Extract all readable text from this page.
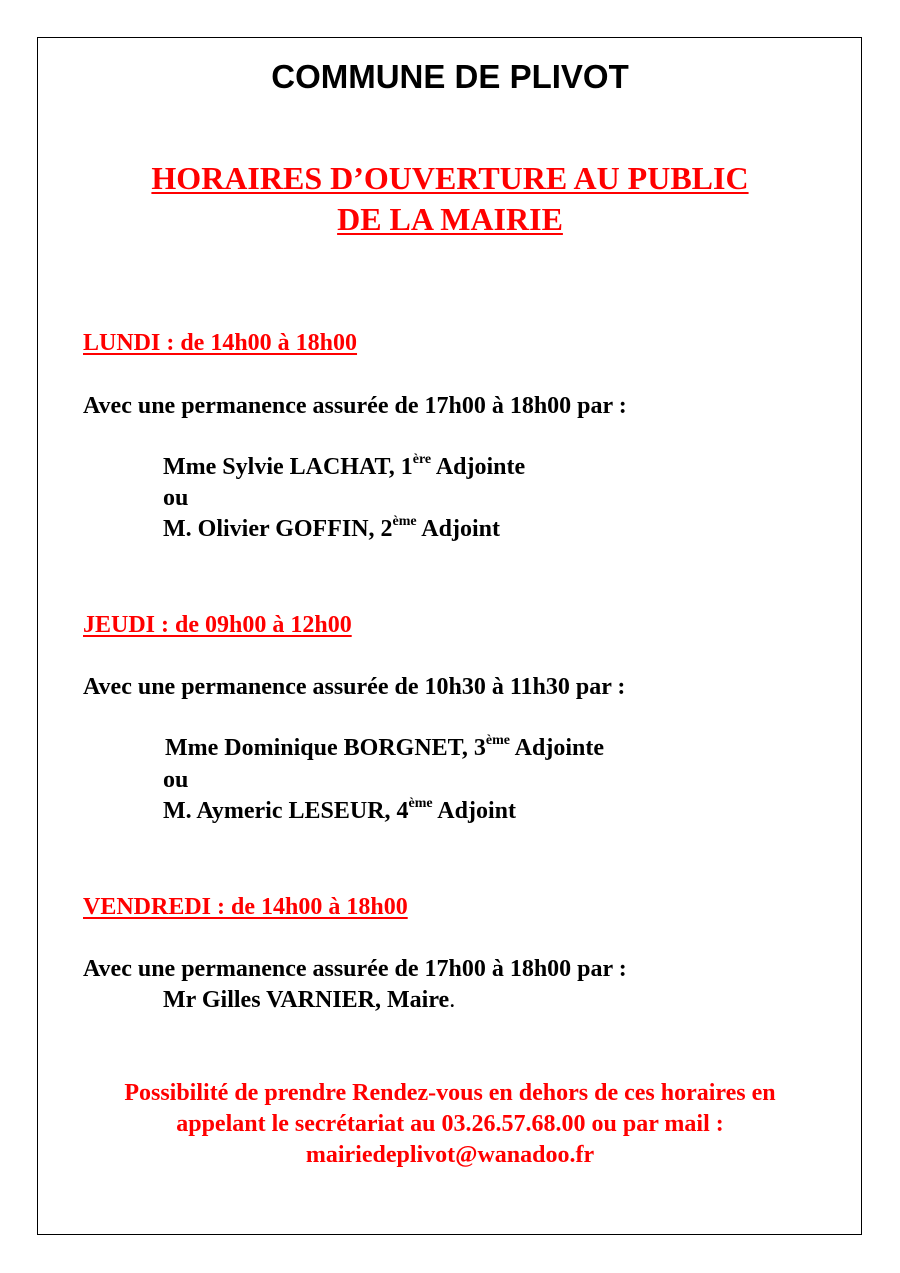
COMMUNE DE PLIVOT
HORAIRES D’OUVERTURE AU PUBLIC
DE LA MAIRIE
LUNDI : de 14h00 à 18h00
Avec une permanence assurée de 17h00 à 18h00 par :
Mme Sylvie LACHAT, 1ère Adjointe
ou
M. Olivier GOFFIN, 2ème Adjoint
JEUDI : de 09h00 à 12h00
Avec une permanence assurée de 10h30 à 11h30 par :
Mme Dominique BORGNET, 3ème Adjointe
ou
M. Aymeric LESEUR, 4ème Adjoint
VENDREDI : de 14h00 à 18h00
Avec une permanence assurée de 17h00 à 18h00 par :
Mr Gilles VARNIER, Maire.
Possibilité de prendre Rendez-vous en dehors de ces horaires en
appelant le secrétariat au 03.26.57.68.00 ou par mail :
mairiedeplivot@wanadoo.fr
